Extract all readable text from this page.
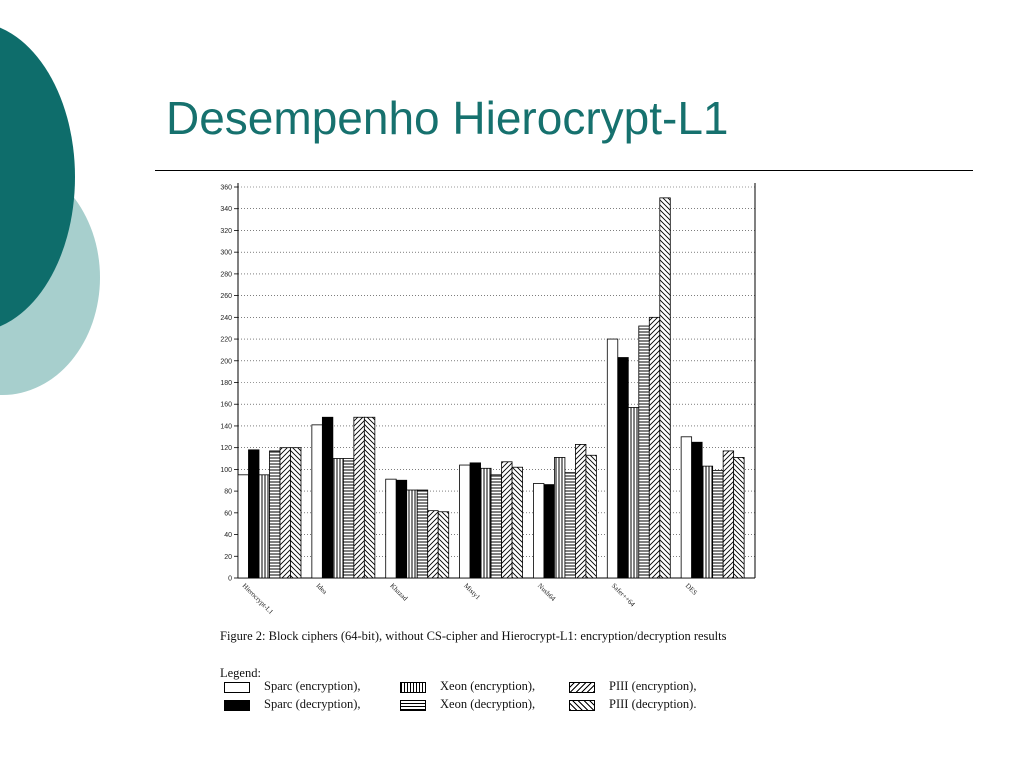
Desempenho Hierocrypt-L1
0
20
40
60
80
100
120
140
160
180
200
220
240
260
280
300
320
340
360
Hierocrypt-L1	Idea	Khazad	Misty1	Nush64	Safer++64	DES
Figure 2: Block ciphers (64-bit), without CS-cipher and Hierocrypt-L1: encryption/decryption results
Legend:
Sparc (encryption),	Xeon (encryption),	PIII (encryption),
Sparc (decryption),	Xeon (decryption),	PIII (decryption).
